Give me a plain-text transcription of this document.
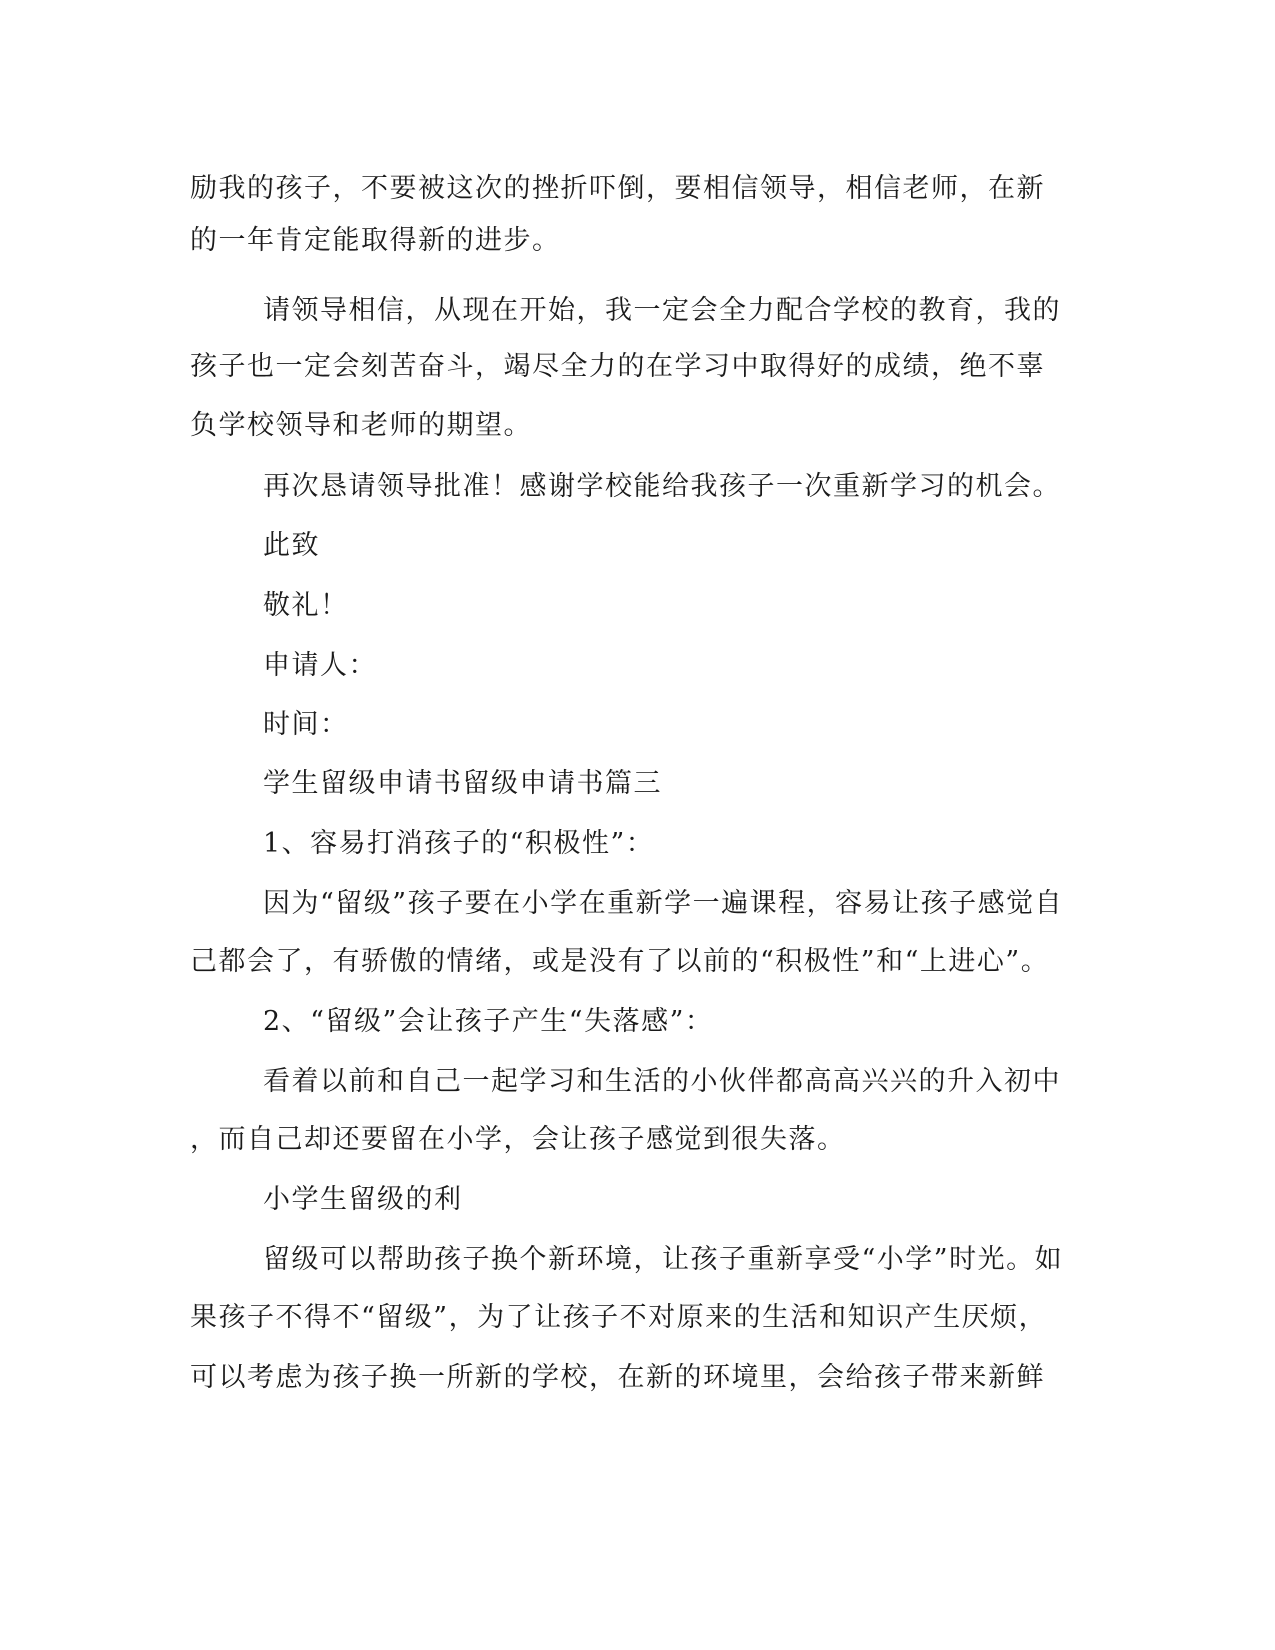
励我的孩子，不要被这次的挫折吓倒，要相信领导，相信老师，在新
的一年肯定能取得新的进步。
请领导相信，从现在开始，我一定会全力配合学校的教育，我的
孩子也一定会刻苦奋斗，竭尽全力的在学习中取得好的成绩，绝不辜
负学校领导和老师的期望。
再次恳请领导批准！感谢学校能给我孩子一次重新学习的机会。
此致
敬礼！
申请人：
时间：
学生留级申请书留级申请书篇三
1、容易打消孩子的“积极性”：
因为“留级”孩子要在小学在重新学一遍课程，容易让孩子感觉自
己都会了，有骄傲的情绪，或是没有了以前的“积极性”和“上进心”。
2、“留级”会让孩子产生“失落感”：
看着以前和自己一起学习和生活的小伙伴都高高兴兴的升入初中
，而自己却还要留在小学，会让孩子感觉到很失落。
小学生留级的利
留级可以帮助孩子换个新环境，让孩子重新享受“小学”时光。如
果孩子不得不“留级”，为了让孩子不对原来的生活和知识产生厌烦，
可以考虑为孩子换一所新的学校，在新的环境里，会给孩子带来新鲜
